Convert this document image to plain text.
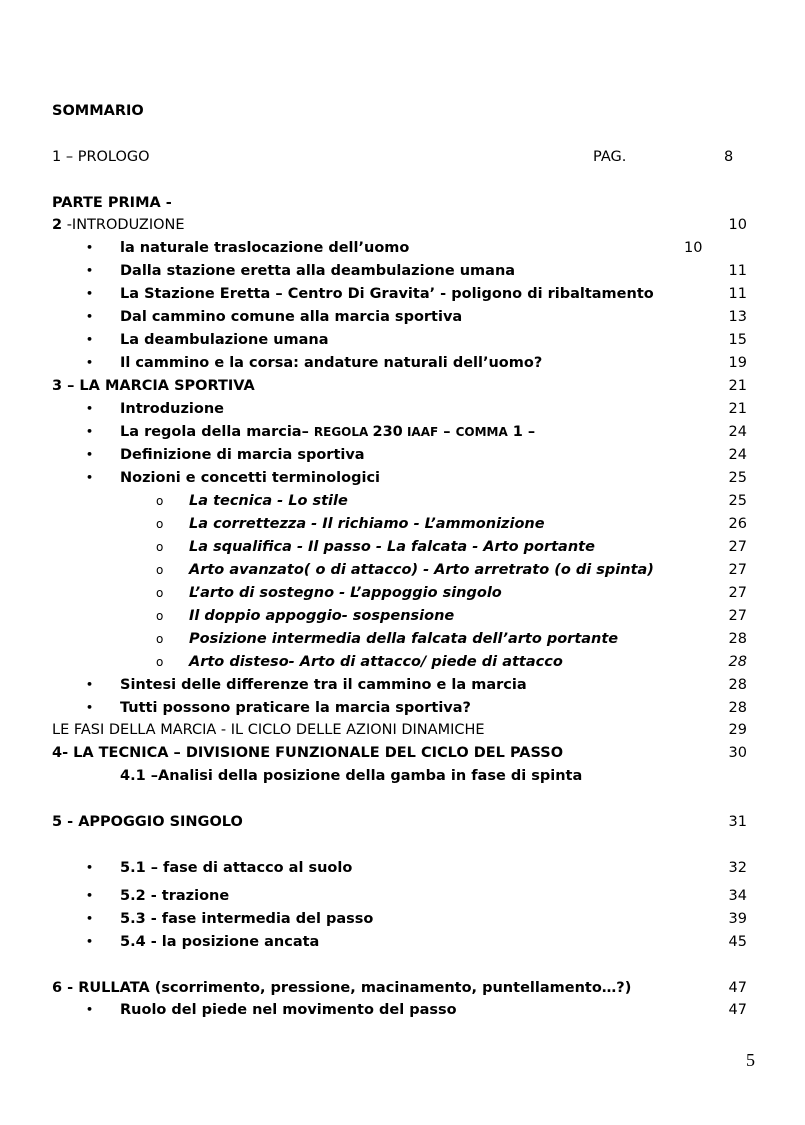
SOMMARIO
1 – PROLOGO	PAG.	8
PARTE PRIMA -
2 -INTRODUZIONE	10
• la naturale traslocazione dell’uomo	10
• Dalla stazione eretta alla deambulazione umana	11
• La Stazione Eretta – Centro Di Gravita’ - poligono di ribaltamento	11
• Dal cammino comune alla marcia sportiva	13
• La deambulazione umana	15
• Il cammino e la corsa: andature naturali dell’uomo?	19
3 – LA MARCIA SPORTIVA	21
• Introduzione	21
• La regola della marcia– REGOLA 230 IAAF – COMMA 1 –	24
• Definizione di marcia sportiva	24
• Nozioni e concetti terminologici	25
o La tecnica - Lo stile	25
o La correttezza - Il richiamo - L’ammonizione	26
o La squalifica - Il passo - La falcata - Arto portante	27
o Arto avanzato( o di attacco) - Arto arretrato (o di spinta)	27
o L’arto di sostegno - L’appoggio singolo	27
o Il doppio appoggio- sospensione	27
o Posizione intermedia della falcata dell’arto portante	28
o Arto disteso- Arto di attacco/ piede di attacco	28
• Sintesi delle differenze tra il cammino e la marcia	28
• Tutti possono praticare la marcia sportiva?	28
LE FASI DELLA MARCIA - IL CICLO DELLE AZIONI DINAMICHE	29
4- LA TECNICA – DIVISIONE FUNZIONALE DEL CICLO DEL PASSO	30
4.1 –Analisi della posizione della gamba in fase di spinta
5 - APPOGGIO SINGOLO	31
• 5.1 – fase di attacco al suolo	32
• 5.2 - trazione	34
• 5.3 - fase intermedia del passo	39
• 5.4 - la posizione ancata	45
6 - RULLATA (scorrimento, pressione, macinamento, puntellamento…?)	47
• Ruolo del piede nel movimento del passo	47
5
